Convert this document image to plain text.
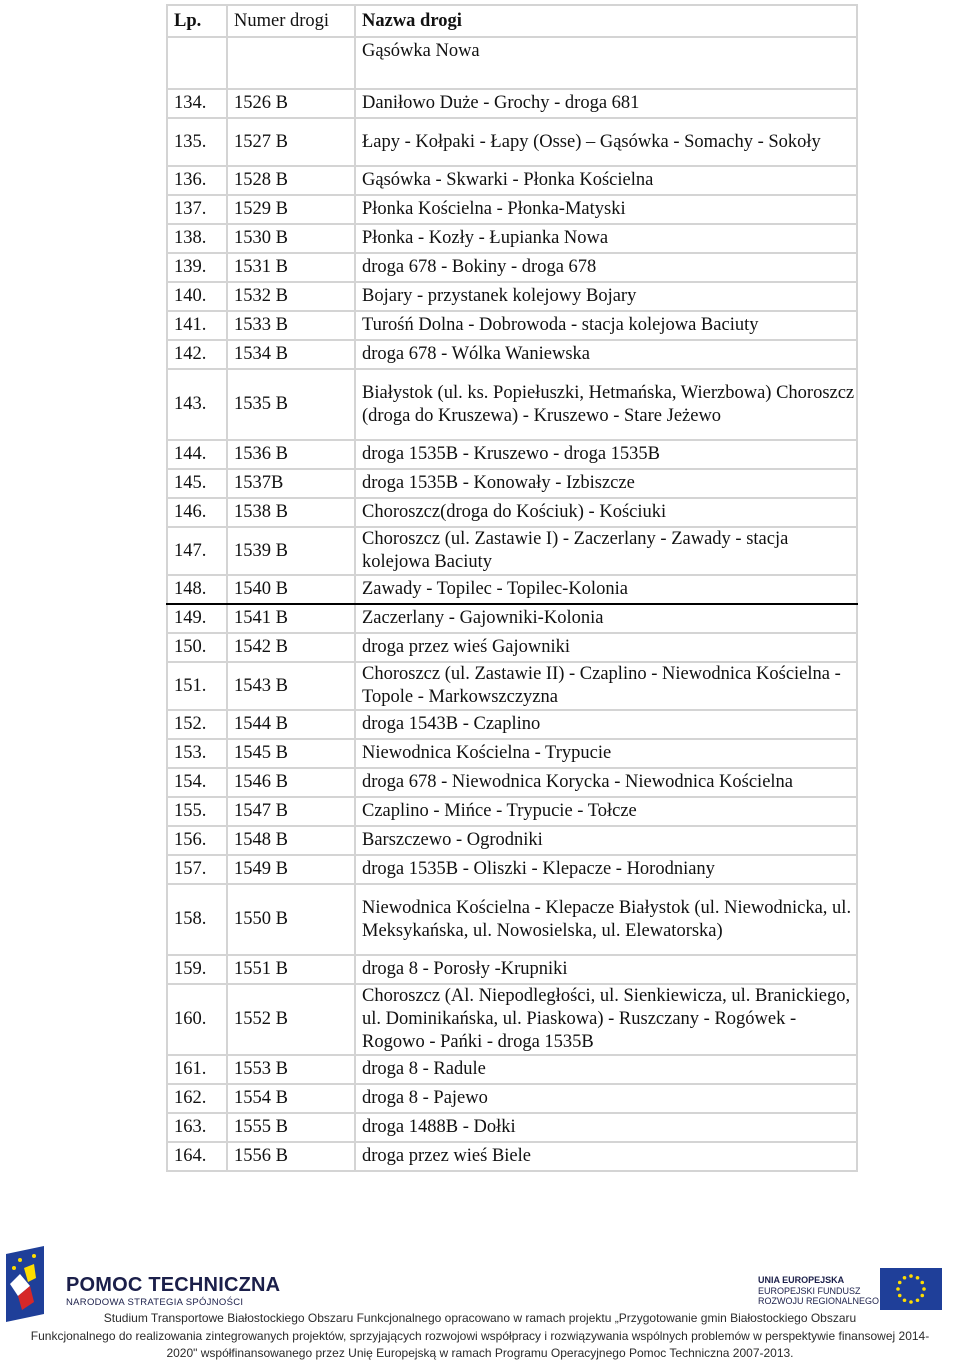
Lp.	Numer drogi	Nazwa drogi
		Gąsówka Nowa
134.	1526 B	Daniłowo Duże - Grochy - droga 681
135.	1527 B	Łapy - Kołpaki - Łapy (Osse) – Gąsówka - Somachy - Sokoły
136.	1528 B	Gąsówka - Skwarki - Płonka Kościelna
137.	1529 B	Płonka Kościelna - Płonka-Matyski
138.	1530 B	Płonka - Kozły - Łupianka Nowa
139.	1531 B	droga 678 - Bokiny - droga 678
140.	1532 B	Bojary - przystanek kolejowy Bojary
141.	1533 B	Turośń Dolna - Dobrowoda - stacja kolejowa Baciuty
142.	1534 B	droga 678 - Wólka Waniewska
143.	1535 B	Białystok (ul. ks. Popiełuszki, Hetmańska, Wierzbowa) Choroszcz (droga do Kruszewa) - Kruszewo - Stare Jeżewo
144.	1536 B	droga 1535B - Kruszewo - droga 1535B
145.	1537B	droga 1535B - Konowały - Izbiszcze
146.	1538 B	Choroszcz(droga do Kościuk) - Kościuki
147.	1539 B	Choroszcz (ul. Zastawie I) - Zaczerlany - Zawady - stacja kolejowa Baciuty
148.	1540 B	Zawady - Topilec - Topilec-Kolonia
149.	1541 B	Zaczerlany - Gajowniki-Kolonia
150.	1542 B	droga przez wieś Gajowniki
151.	1543 B	Choroszcz (ul. Zastawie II) - Czaplino - Niewodnica Kościelna - Topole - Markowszczyzna
152.	1544 B	droga 1543B - Czaplino
153.	1545 B	Niewodnica Kościelna - Trypucie
154.	1546 B	droga 678 - Niewodnica Korycka - Niewodnica Kościelna
155.	1547 B	Czaplino - Mińce - Trypucie - Tołcze
156.	1548 B	Barszczewo - Ogrodniki
157.	1549 B	droga 1535B - Oliszki - Klepacze - Horodniany
158.	1550 B	Niewodnica Kościelna - Klepacze Białystok (ul. Niewodnicka, ul. Meksykańska, ul. Nowosielska, ul. Elewatorska)
159.	1551 B	droga 8 - Porosły -Krupniki
160.	1552 B	Choroszcz (Al. Niepodległości, ul. Sienkiewicza, ul. Branickiego, ul. Dominikańska, ul. Piaskowa) - Ruszczany - Rogówek - Rogowo - Pańki - droga 1535B
161.	1553 B	droga 8 - Radule
162.	1554 B	droga 8 - Pajewo
163.	1555 B	droga 1488B - Dołki
164.	1556 B	droga przez wieś Biele
POMOC TECHNICZNA
NARODOWA STRATEGIA SPÓJNOŚCI
UNIA EUROPEJSKA
EUROPEJSKI FUNDUSZ
ROZWOJU REGIONALNEGO
Studium Transportowe Białostockiego Obszaru Funkcjonalnego opracowano w ramach projektu „Przygotowanie gmin Białostockiego Obszaru
Funkcjonalnego do realizowania zintegrowanych projektów, sprzyjających rozwojowi współpracy i rozwiązywania wspólnych problemów w perspektywie finansowej 2014-
2020" współfinansowanego przez Unię Europejską w ramach Programu Operacyjnego Pomoc Techniczna 2007-2013.
